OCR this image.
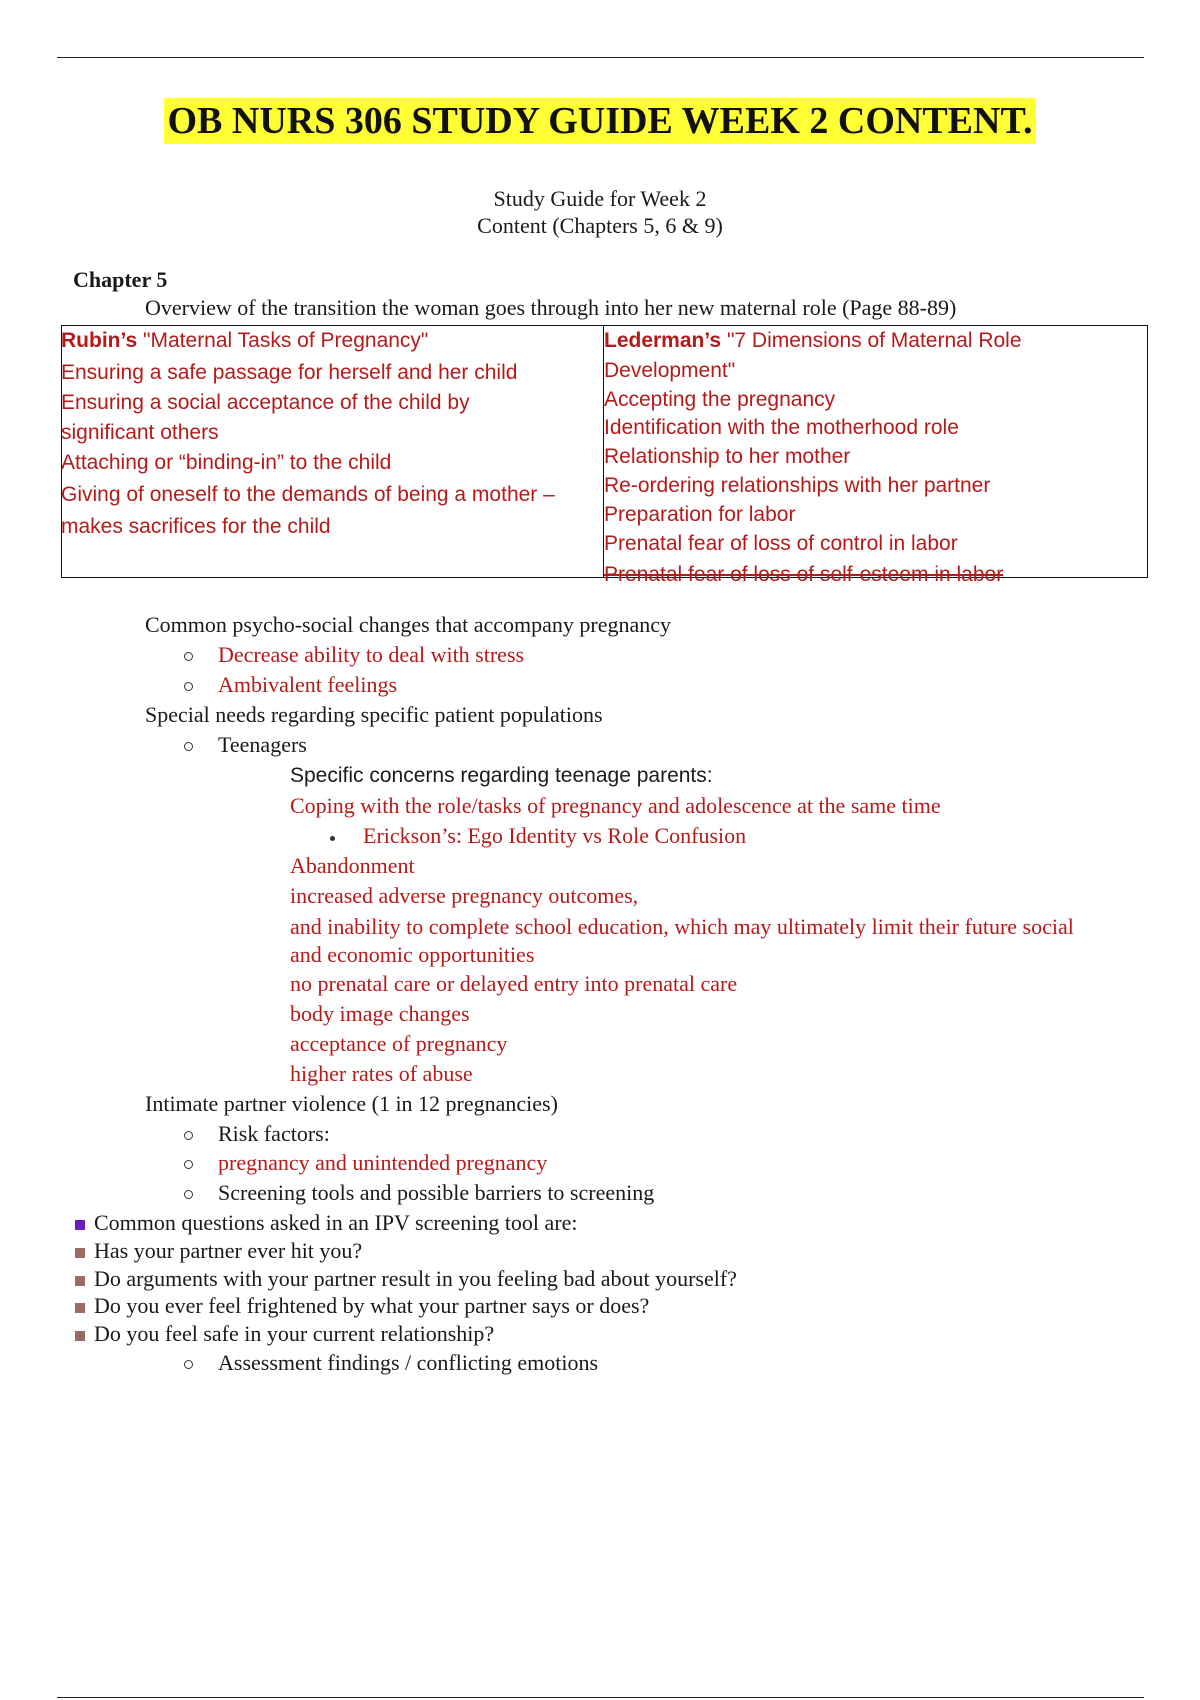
OB NURS 306 STUDY GUIDE WEEK 2 CONTENT.
Study Guide for Week 2
Content (Chapters 5, 6 & 9)
Chapter 5
Overview of the transition the woman goes through into her new maternal role (Page 88-89)
Rubin’s "Maternal Tasks of Pregnancy"
Ensuring a safe passage for herself and her child
Ensuring a social acceptance of the child by
significant others
Attaching or “binding-in” to the child
Giving of oneself to the demands of being a mother –
makes sacrifices for the child
Lederman’s "7 Dimensions of Maternal Role
Development"
Accepting the pregnancy
Identification with the motherhood role
Relationship to her mother
Re-ordering relationships with her partner
Preparation for labor
Prenatal fear of loss of control in labor
Prenatal fear of loss of self-esteem in labor
Common psycho-social changes that accompany pregnancy
Decrease ability to deal with stress
Ambivalent feelings
Special needs regarding specific patient populations
Teenagers
Specific concerns regarding teenage parents:
Coping with the role/tasks of pregnancy and adolescence at the same time
Erickson’s: Ego Identity vs Role Confusion
Abandonment
increased adverse pregnancy outcomes,
and inability to complete school education, which may ultimately limit their future social
and economic opportunities
no prenatal care or delayed entry into prenatal care
body image changes
acceptance of pregnancy
higher rates of abuse
Intimate partner violence (1 in 12 pregnancies)
Risk factors:
pregnancy and unintended pregnancy
Screening tools and possible barriers to screening
Common questions asked in an IPV screening tool are:
Has your partner ever hit you?
Do arguments with your partner result in you feeling bad about yourself?
Do you ever feel frightened by what your partner says or does?
Do you feel safe in your current relationship?
Assessment findings / conflicting emotions
